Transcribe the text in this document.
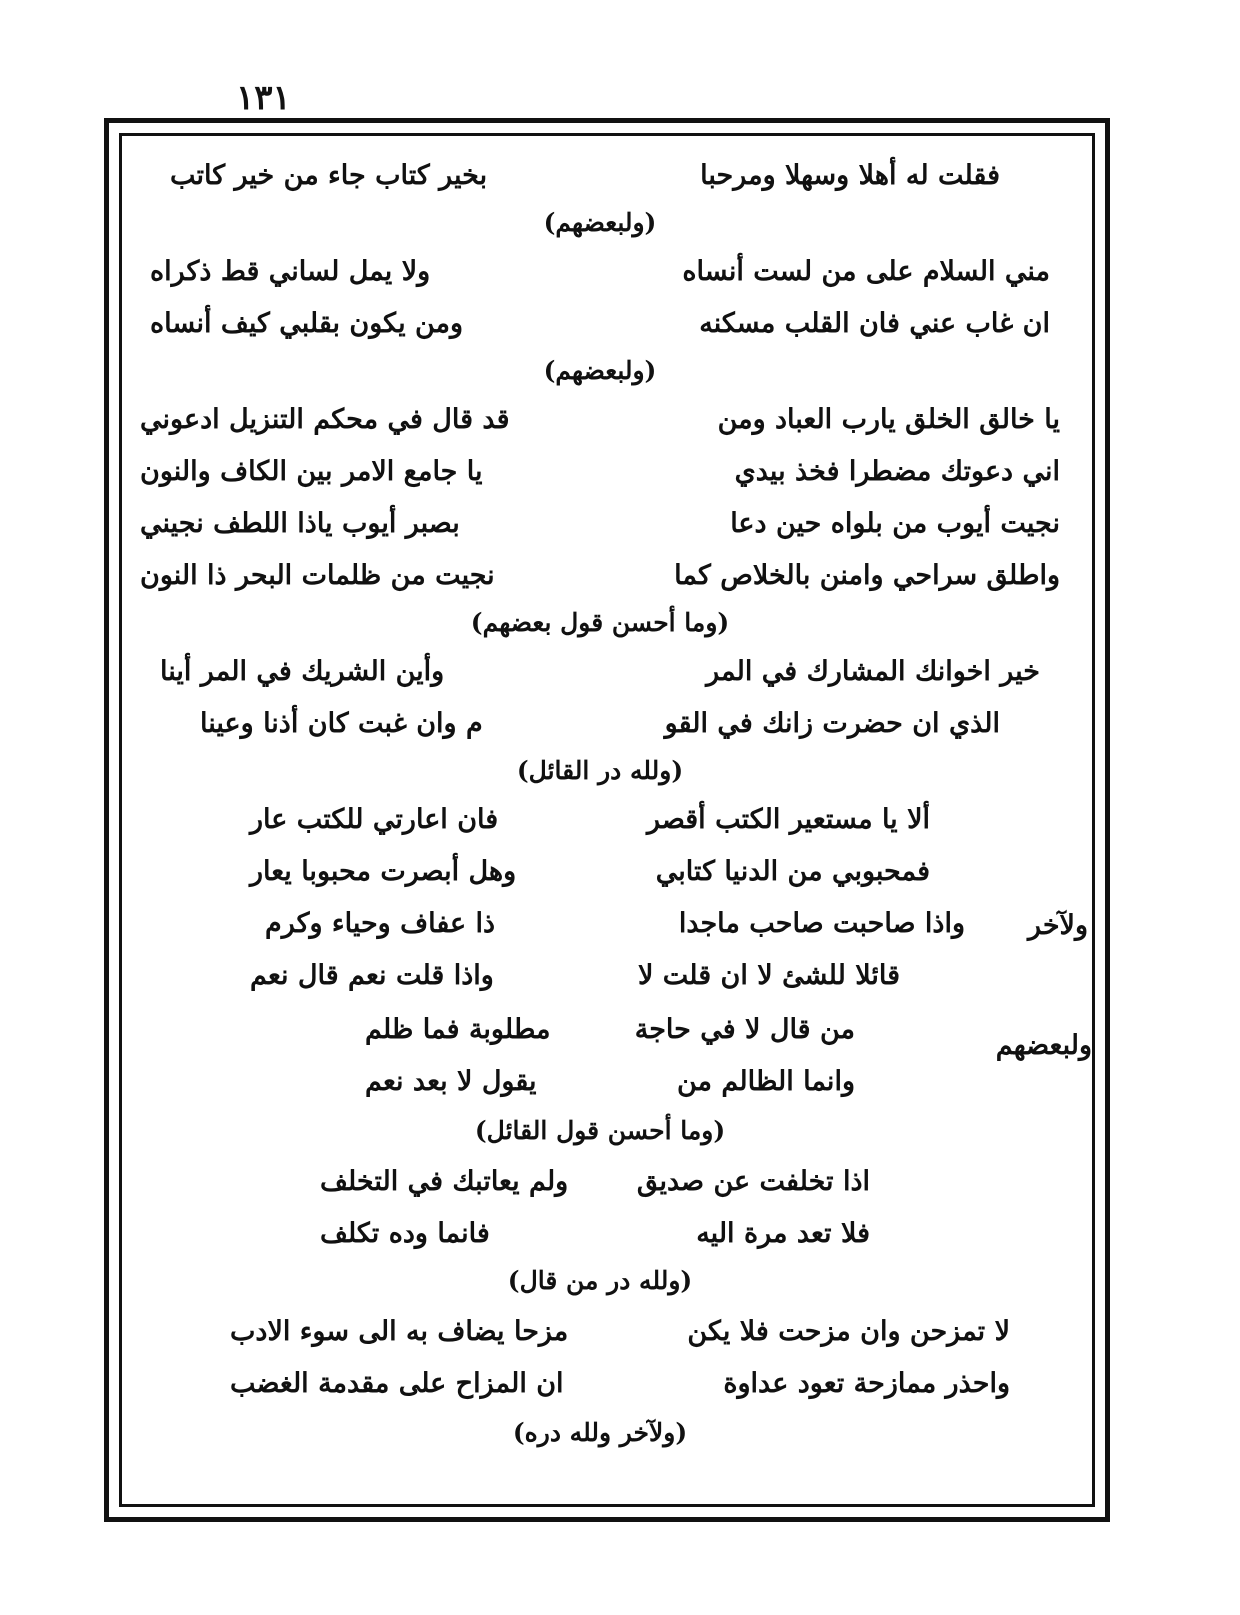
١٣١
فقلت له أهلا وسهلا ومرحبا
بخير كتاب جاء من خير كاتب
(ولبعضهم)
مني السلام على من لست أنساه
ولا يمل لساني قط ذكراه
ان غاب عني فان القلب مسكنه
ومن يكون بقلبي كيف أنساه
(ولبعضهم)
يا خالق الخلق يارب العباد ومن
قد قال في محكم التنزيل ادعوني
اني دعوتك مضطرا فخذ بيدي
يا جامع الامر بين الكاف والنون
نجيت أيوب من بلواه حين دعا
بصبر أيوب ياذا اللطف نجيني
واطلق سراحي وامنن بالخلاص كما
نجيت من ظلمات البحر ذا النون
(وما أحسن قول بعضهم)
خير اخوانك المشارك في المر
وأين الشريك في المر أينا
الذي ان حضرت زانك في القو
م وان غبت كان أذنا وعينا
(ولله در القائل)
ألا يا مستعير الكتب أقصر
فان اعارتي للكتب عار
فمحبوبي من الدنيا كتابي
وهل أبصرت محبوبا يعار
ولآخر
واذا صاحبت صاحب ماجدا
ذا عفاف وحياء وكرم
قائلا للشئ لا ان قلت لا
واذا قلت نعم قال نعم
ولبعضهم
من قال لا في حاجة
مطلوبة فما ظلم
وانما الظالم من
يقول لا بعد نعم
(وما أحسن قول القائل)
اذا تخلفت عن صديق
ولم يعاتبك في التخلف
فلا تعد مرة اليه
فانما وده تكلف
(ولله در من قال)
لا تمزحن وان مزحت فلا يكن
مزحا يضاف به الى سوء الادب
واحذر ممازحة تعود عداوة
ان المزاح على مقدمة الغضب
(ولآخر ولله دره)
